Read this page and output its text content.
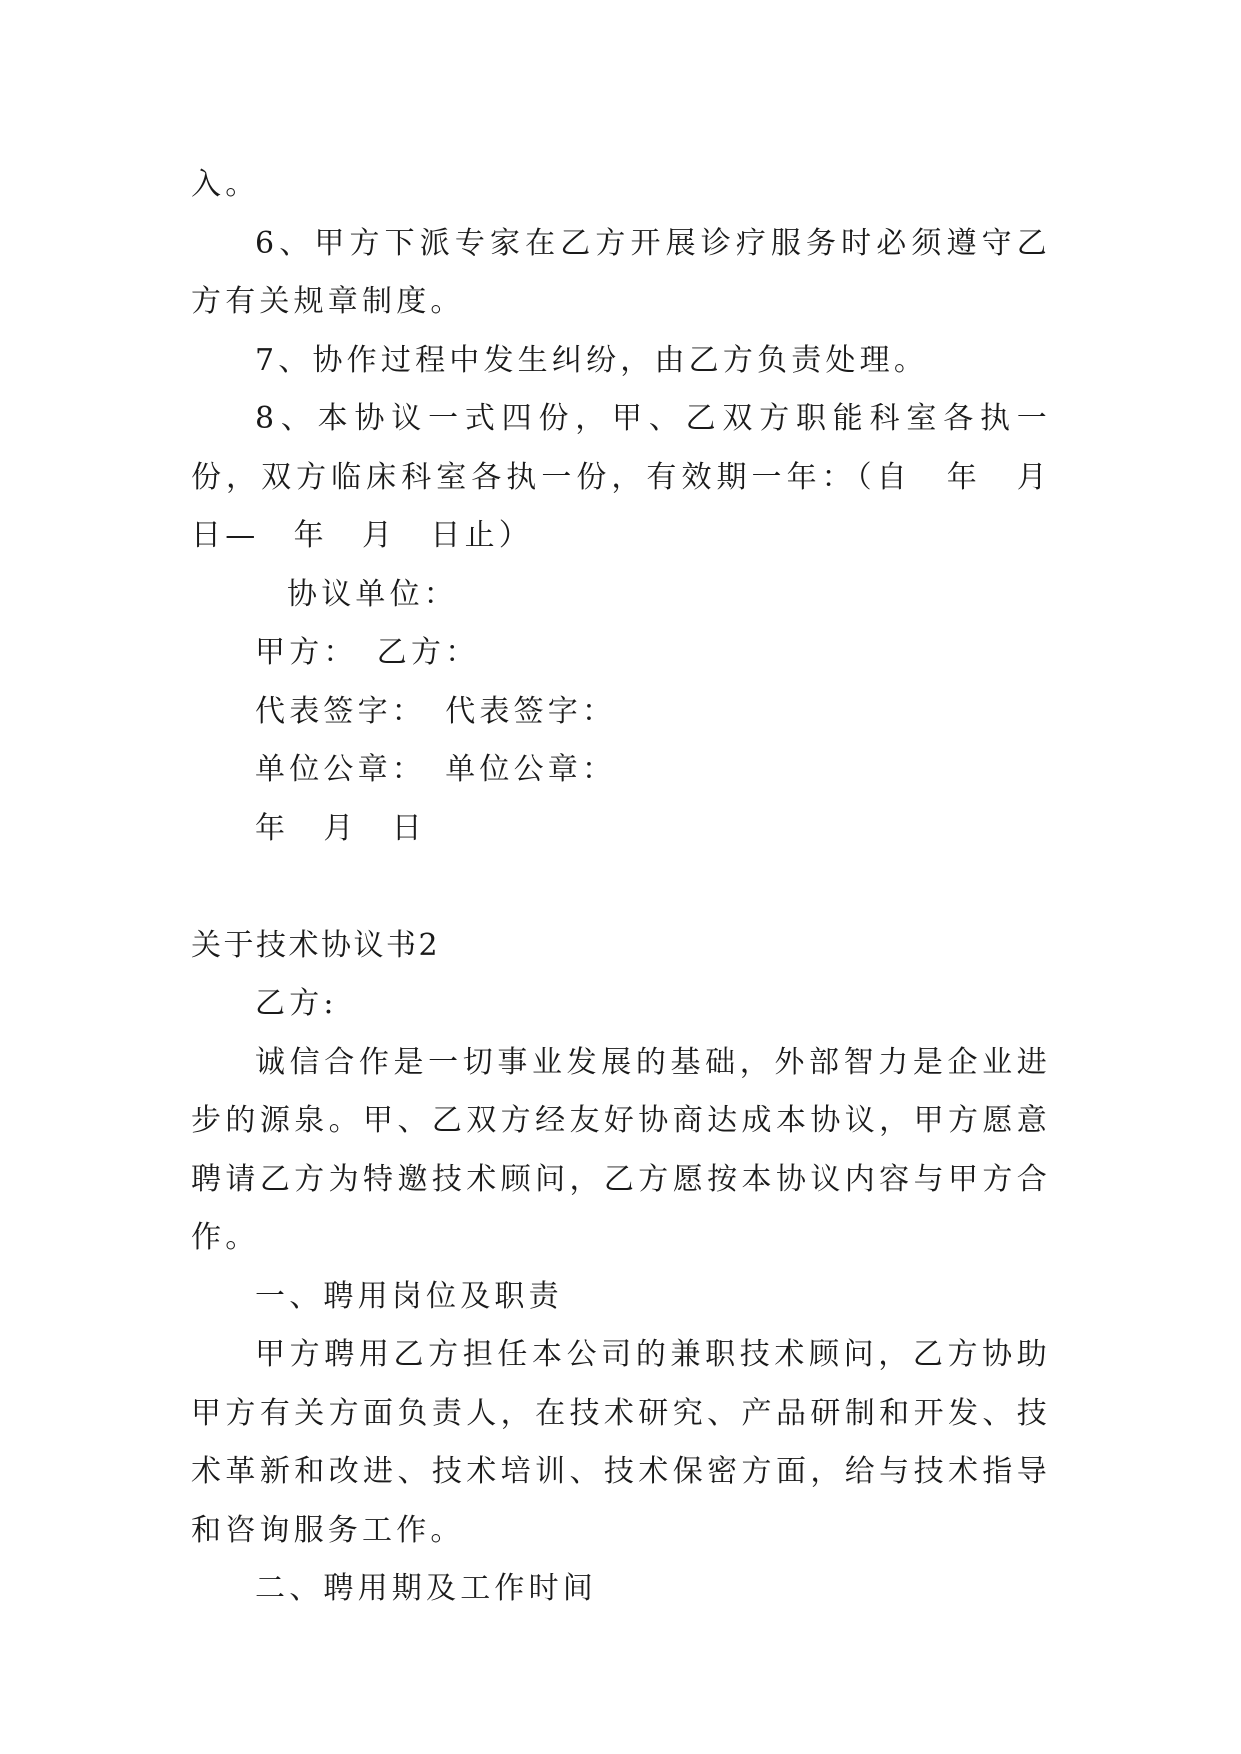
入。

6、甲方下派专家在乙方开展诊疗服务时必须遵守乙方有关规章制度。

7、协作过程中发生纠纷，由乙方负责处理。

8、本协议一式四份，甲、乙双方职能科室各执一份，双方临床科室各执一份，有效期一年：（自　年　月　日—　年　月　日止）

协议单位：

甲方：　乙方：

代表签字：　代表签字：

单位公章：　单位公章：

年　月　日

关于技术协议书2

乙方:

诚信合作是一切事业发展的基础，外部智力是企业进步的源泉。甲、乙双方经友好协商达成本协议，甲方愿意聘请乙方为特邀技术顾问，乙方愿按本协议内容与甲方合作。

一、聘用岗位及职责

甲方聘用乙方担任本公司的兼职技术顾问，乙方协助甲方有关方面负责人，在技术研究、产品研制和开发、技术革新和改进、技术培训、技术保密方面，给与技术指导和咨询服务工作。

二、聘用期及工作时间
